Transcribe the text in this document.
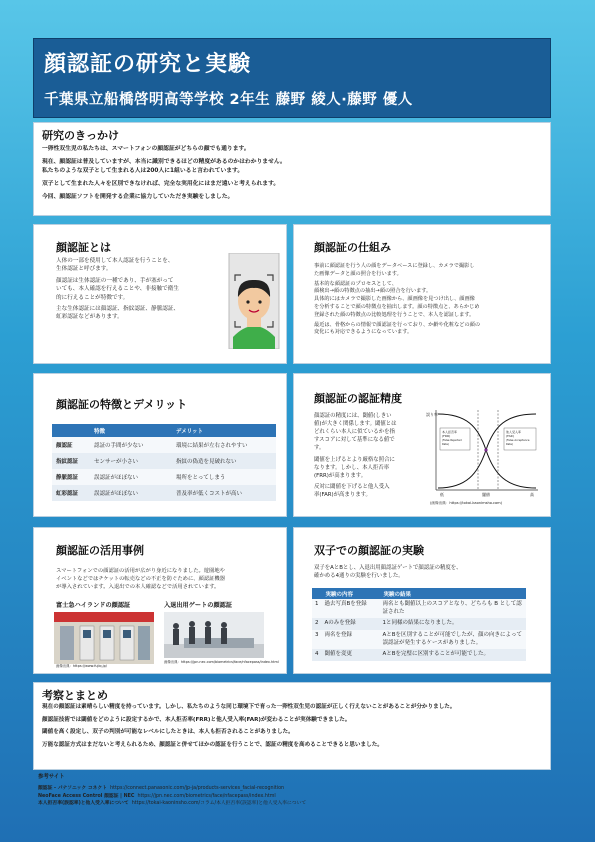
顔認証の研究と実験
千葉県立船橋啓明高等学校 2年生 藤野 綾人·藤野 優人
研究のきっかけ
一卵性双生児の私たちは、スマートフォンの顔認証がどちらの顔でも通ります。
現在、顔認証は普及していますが、本当に識別できるほどの精度があるのかはわかりません。
私たちのような双子として生まれる人は200人に1組いると言われています。
双子として生まれた人々を区別できなければ、完全な実用化にはまだ遠いと考えられます。
今回、顔認証ソフトを開発する企業に協力していただき実験をしました。
顔認証とは
人体の一部を使用して本人認証を行うことを、
生体認証と呼びます。
顔認証は生体認証の一種であり、手が塞がって
いても、本人確認を行えることや、非接触で衛生
的に行えることが特徴です。
主な生体認証には顔認証、指紋認証、静脈認証、
虹彩認証などがあります。
顔認証の仕組み
事前に顔認証を行う人の顔をデータベースに登録し、カメラで撮影し
た画像データと顔の照合を行います。
基本的な顔認証のプロセスとして、
顔検出→顔の特徴点の抽出→顔の照合を行います。
具体的にはカメラで撮影した画像から、顔画像を見つけ出し、顔画像
を分析することで顔の特徴点を抽出します。顔の特徴点と、あらかじめ
登録された顔の特徴点の比較処理を行うことで、本人を認証します。
最近は、骨格からの情報で顔認証を行っており、か齢や化粧などの顔の
変化にも対応できるようになっています。
顔認証の特徴とデメリット
	特徴	デメリット
顔認証	認証の手間が少ない	環境に結果が左右されやすい
指紋認証	センサーが小さい	指紋の偽造を見破れない
静脈認証	誤認証がほぼない	場所をとってしまう
虹彩認証	誤認証がほぼない	普及率が低くコストが高い
顔認証の認証精度
顔認証の精度には、閾値(しきい
値)が大きく関係します。閾値とは
どれくらい本人に似ているかを指
すスコアに対して基準になる値で
す。
閾値を上げるとより厳格な照合に
なります。しかし、本人拒否率
(FRR)が高まります。
反対に閾値を下げると他人受入
率(FAR)が高まります。
誤り率
本人拒否率
(FRR)
(False Rejected
Rate)
他人受入率
(FAR)
(False Acceptance
Rate)
低	閾値	高
(画像出典：https://tokai-kaonimsho.com)
顔認証の活用事例
スマートフォンでの顔認証の活用が広がり身近になりました。遊園地や
イベントなどではチケットの転売などの不正を防ぐために、顔認証機器
が導入されています。入退出での本人確認などで活用されています。
富士急ハイランドの顔認証	入退出用ゲートの顔認証
画像出典：https://www.fujiq.jp/
画像出典：https://jpn.nec.com/biometrics/face/nfacepass/index.html
双子での顔認証の実験
双子をAとBとし、入退出用顔認証ゲートで顔認証の精度を、
確かめる4通りの実験を行いました。
	実験の内容	実験の結果
1	過去写真Bを登録	両名とも閾値以上のスコアとなり、どちらも B として認証された
2	Aのみを登録	1と同様の結果になりました。
3	両名を登録	AとBを区別することが可能でしたが、顔の向きによって誤認証が発生するケースがありました。
4	閾値を変更	AとBを完璧に区別することが可能でした。
考察とまとめ
現在の顔認証は素晴らしい精度を持っています。しかし、私たちのような同じ環境下で育った一卵性双生児の認証が正しく行えないことがあることが分かりました。
顔認証技術では閾値をどのように設定するかで、本人拒否率(FRR)と他人受入率(FAR)が変わることが実体験できました。
閾値を高く設定し、双子の判別が可能なレベルにしたときは、本人も拒否されることがありました。
万能な認証方式はまだないと考えられるため、顔認証と併せてほかの認証を行うことで、認証の精度を高めることできると思いました。
参考サイト
顔認証 - パナソニック コネクト https://connect.panasonic.com/jp-ja/products-services_facial-recognition
NeoFace Access Control 顔認証 | NEC https://jpn.nec.com/biometrics/face/nfacepass/index.html
本人拒否率(誤認率)と他人受入率について https://tokai-kaoninsho.com/コラム/本人拒否率(誤認率)と他人受入率について
